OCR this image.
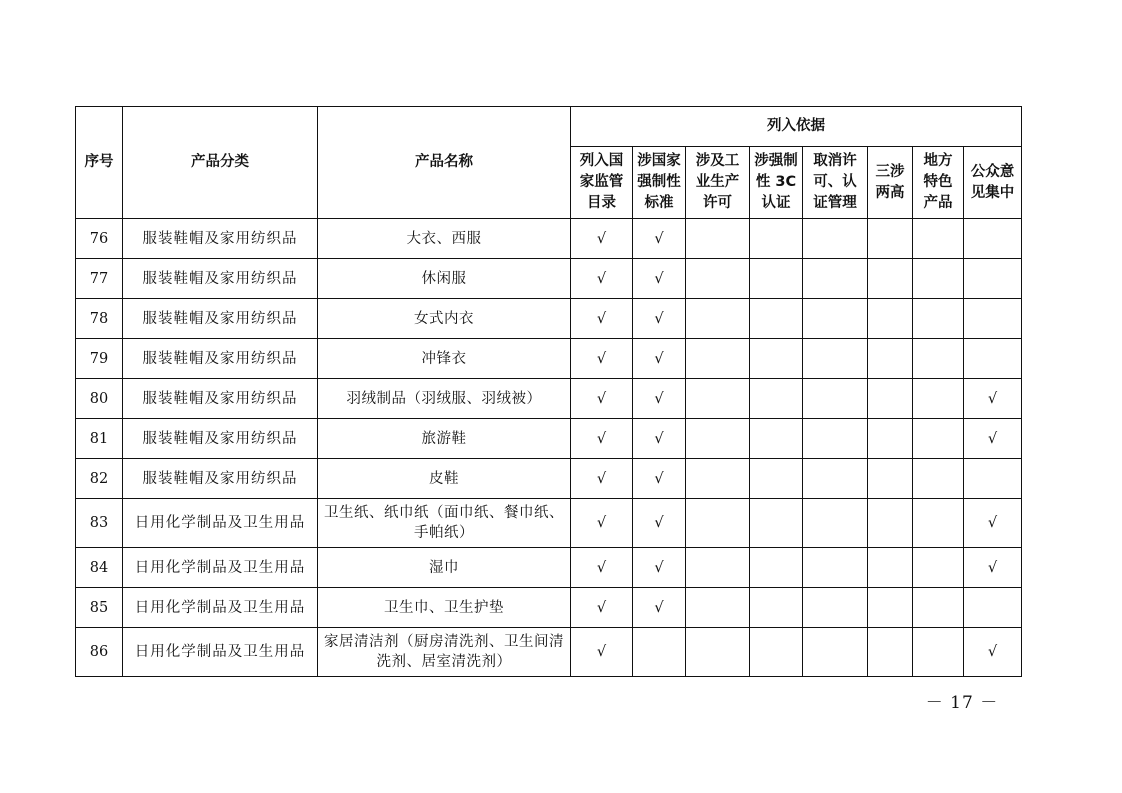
序号	产品分类	产品名称	列入依据							
			列入国家监管目录	涉国家强制性标准	涉及工业生产许可	涉强制性 3C 认证	取消许可、认证管理	三涉两高	地方特色产品	公众意见集中
76	服装鞋帽及家用纺织品	大衣、西服	√	√						
77	服装鞋帽及家用纺织品	休闲服	√	√						
78	服装鞋帽及家用纺织品	女式内衣	√	√						
79	服装鞋帽及家用纺织品	冲锋衣	√	√						
80	服装鞋帽及家用纺织品	羽绒制品（羽绒服、羽绒被）	√	√						√
81	服装鞋帽及家用纺织品	旅游鞋	√	√						√
82	服装鞋帽及家用纺织品	皮鞋	√	√						
83	日用化学制品及卫生用品	卫生纸、纸巾纸（面巾纸、餐巾纸、
手帕纸）	√	√						√
84	日用化学制品及卫生用品	湿巾	√	√						√
85	日用化学制品及卫生用品	卫生巾、卫生护垫	√	√						
86	日用化学制品及卫生用品	家居清洁剂（厨房清洗剂、卫生间清
洗剂、居室清洗剂）	√							√
－ 17 －
